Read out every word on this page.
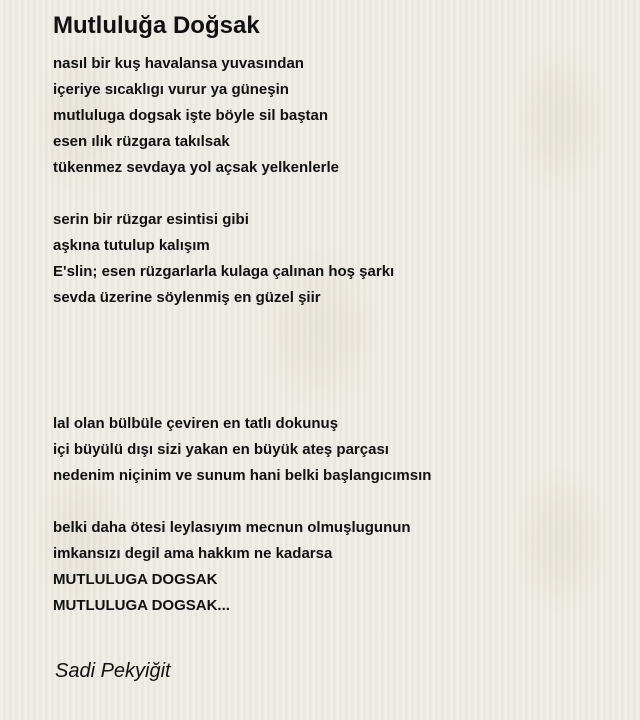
Mutluluğa Doğsak
nasıl bir kuş havalansa yuvasından
içeriye sıcaklıgı vurur ya güneşin
mutluluga dogsak işte böyle sil baştan
esen ılık rüzgara takılsak
tükenmez sevdaya yol açsak yelkenlerle
serin bir rüzgar esintisi gibi
aşkına tutulup kalışım
E'slin; esen rüzgarlarla kulaga çalınan hoş şarkı
sevda üzerine söylenmiş en güzel şiir
lal olan bülbüle çeviren en tatlı dokunuş
içi büyülü dışı sizi yakan en büyük ateş parçası
nedenim niçinim ve sunum hani belki başlangıcımsın
belki daha ötesi leylasıyım mecnun olmuşlugunun
imkansızı degil ama hakkım ne kadarsa
MUTLULUGA DOGSAK
MUTLULUGA DOGSAK...
Sadi Pekyiğit
